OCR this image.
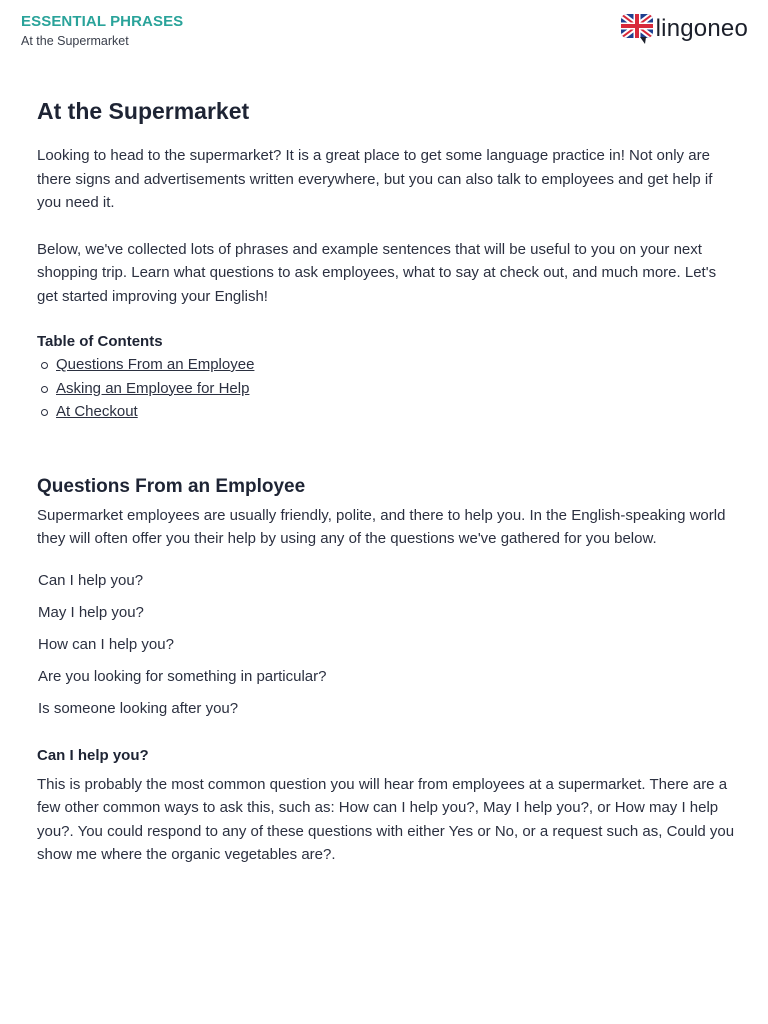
ESSENTIAL PHRASES
At the Supermarket	lingoneo
At the Supermarket

Looking to head to the supermarket? It is a great place to get some language practice in! Not only are there signs and advertisements written everywhere, but you can also talk to employees and get help if you need it.

Below, we've collected lots of phrases and example sentences that will be useful to you on your next shopping trip. Learn what questions to ask employees, what to say at check out, and much more. Let's get started improving your English!

Table of Contents
Questions From an Employee
Asking an Employee for Help
At Checkout
Questions From an Employee

Supermarket employees are usually friendly, polite, and there to help you. In the English-speaking world they will often offer you their help by using any of the questions we've gathered for you below.

Can I help you?
May I help you?
How can I help you?
Are you looking for something in particular?
Is someone looking after you?
Can I help you?

This is probably the most common question you will hear from employees at a supermarket. There are a few other common ways to ask this, such as: How can I help you?, May I help you?, or How may I help you?. You could respond to any of these questions with either Yes or No, or a request such as, Could you show me where the organic vegetables are?.
